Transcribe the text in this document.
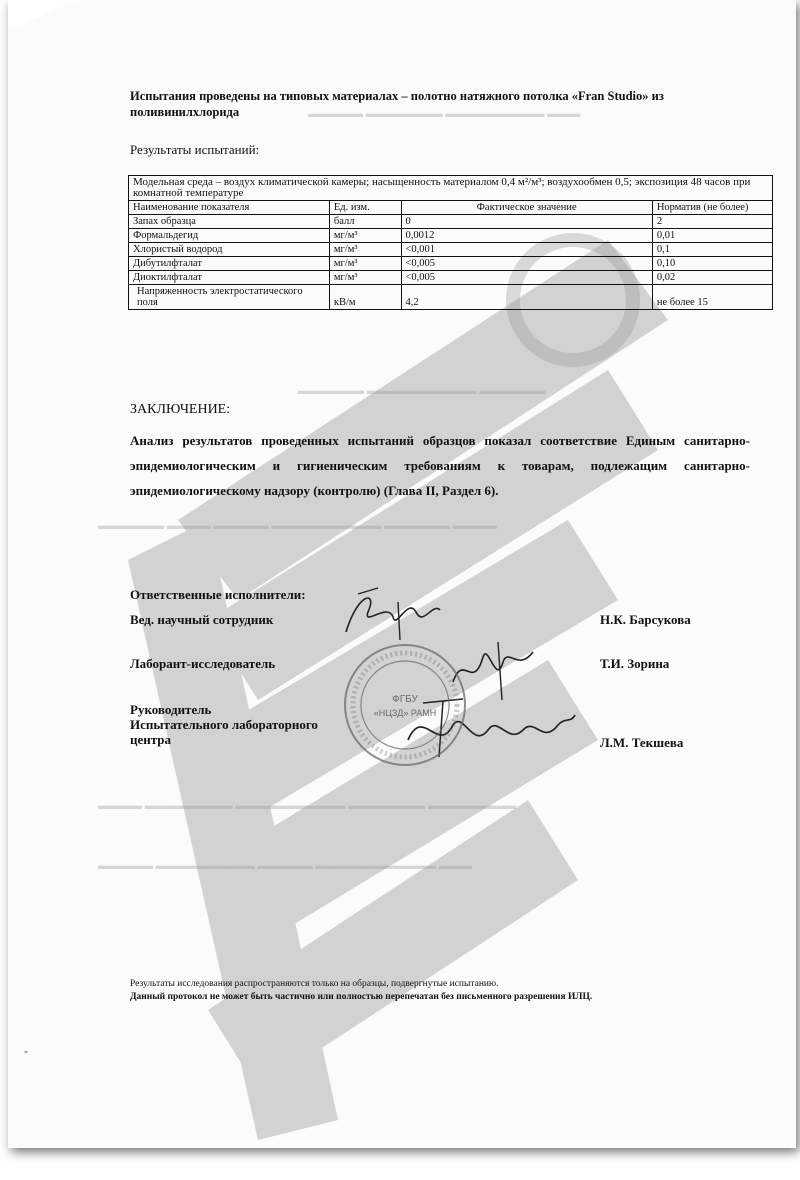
▬▬▬▬▬ ▬▬▬▬▬▬▬ ▬▬▬▬▬▬▬▬▬ ▬▬▬
▬▬▬▬▬▬ ▬▬▬▬▬▬▬▬▬▬ ▬▬▬▬▬▬
▬▬▬▬▬▬ ▬▬▬▬ ▬▬▬▬▬ ▬▬▬▬▬▬▬▬▬▬ ▬▬▬▬▬▬ ▬▬▬▬
▬▬▬▬ ▬▬▬▬▬▬▬▬ ▬▬▬▬▬▬▬▬▬▬ ▬▬▬▬▬▬▬ ▬▬▬▬▬▬▬▬
▬▬▬▬▬ ▬▬▬▬▬▬▬▬▬ ▬▬▬▬▬ ▬▬▬▬▬▬▬▬▬▬▬ ▬▬▬
Испытания проведены на типовых материалах – полотно натяжного потолка «Fran Studio» из поливинилхлорида
Результаты испытаний:
Модельная среда – воздух климатической камеры; насыщенность материалом 0,4 м²/м³; воздухообмен 0,5; экспозиция 48 часов при комнатной температуре			
Наименование показателя	Ед. изм.	Фактическое значение	Норматив (не более)
Запах образца	балл	0	2
Формальдегид	мг/м³	0,0012	0,01
Хлористый водород	мг/м³	<0,001	0,1
Дибутилфталат	мг/м³	<0,005	0,10
Диоктилфталат	мг/м³	<0,005	0,02
Напряженность электростатического поля	кВ/м	4,2	не более 15
ЗАКЛЮЧЕНИЕ:
Анализ результатов проведенных испытаний образцов показал соответствие Единым санитарно-эпидемиологическим и гигиеническим требованиям к товарам, подлежащим санитарно-эпидемиологическому надзору (контролю) (Глава II, Раздел 6).
Ответственные исполнители:
Вед. научный сотрудник	Н.К. Барсукова
Лаборант-исследователь	Т.И. Зорина
Руководитель
Испытательного лабораторного
центра	Л.М. Текшева
ФГБУ
«НЦЗД» РАМН
Результаты исследования распространяются только на образцы, подвергнутые испытанию.
Данный протокол не может быть частично или полностью перепечатан без письменного разрешения ИЛЦ.
"
